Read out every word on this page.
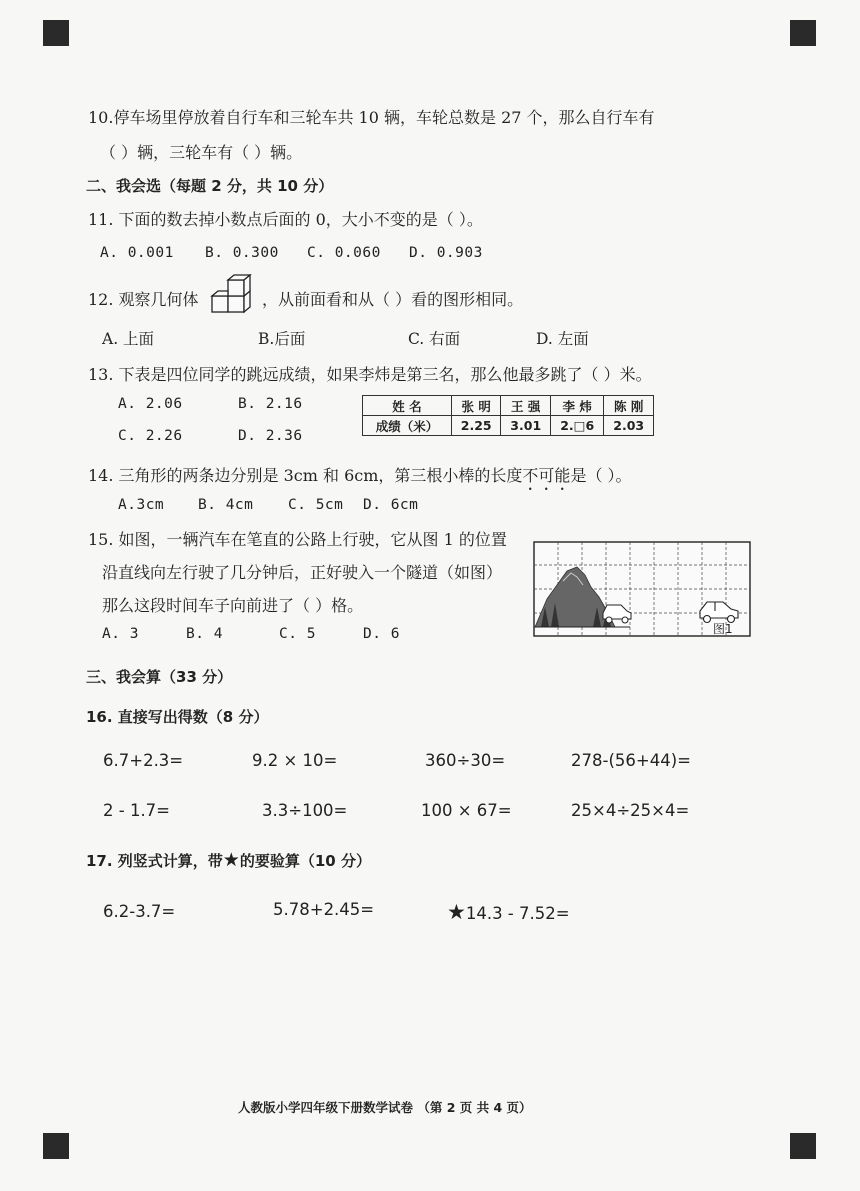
10.停车场里停放着自行车和三轮车共 10 辆，车轮总数是 27 个，那么自行车有
（ ）辆，三轮车有（ ）辆。
二、我会选（每题 2 分，共 10 分）
11. 下面的数去掉小数点后面的 0，大小不变的是（ ）。
A. 0.001 B. 0.300 C. 0.060 D. 0.903
12. 观察几何体	，从前面看和从（ ）看的图形相同。
A. 上面	B.后面	C. 右面	D. 左面
13. 下表是四位同学的跳远成绩，如果李炜是第三名，那么他最多跳了（ ）米。
A. 2.06	B. 2.16
C. 2.26	D. 2.36
姓 名	张 明	王 强	李 炜	陈 刚
成绩（米）	2.25	3.01	2.□6	2.03
14. 三角形的两条边分别是 3cm 和 6cm，第三根小棒的长度不可能是（ ）。
A.3cm B. 4cm C. 5cm D. 6cm
15. 如图，一辆汽车在笔直的公路上行驶，它从图 1 的位置
沿直线向左行驶了几分钟后，正好驶入一个隧道（如图）
那么这段时间车子向前进了（ ）格。
A. 3	B. 4	C. 5	D. 6	图1
三、我会算（33 分）
16. 直接写出得数（8 分）
6.7+2.3=	9.2 × 10=	360÷30=	278-(56+44)=
2 - 1.7=	3.3÷100=	100 × 67=	25×4÷25×4=
17. 列竖式计算，带★的要验算（10 分）
6.2-3.7=	5.78+2.45=	★14.3 - 7.52=
人教版小学四年级下册数学试卷 （第 2 页 共 4 页）
